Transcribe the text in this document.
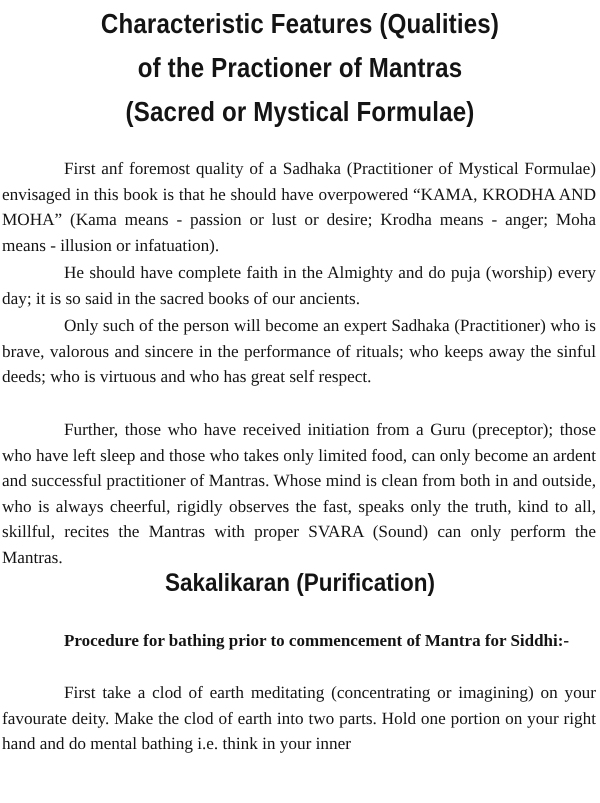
Characteristic Features (Qualities)
of the Practioner of Mantras
(Sacred or Mystical Formulae)

First anf foremost quality of a Sadhaka (Practitioner of Mystical Formulae) envisaged in this book is that he should have overpowered “KAMA, KRODHA AND MOHA” (Kama means - passion or lust or desire; Krodha means - anger; Moha means - illusion or infatuation).

He should have complete faith in the Almighty and do puja (worship) every day; it is so said in the sacred books of our ancients.

Only such of the person will become an expert Sadhaka (Practitioner) who is brave, valorous and sincere in the performance of rituals; who keeps away the sinful deeds; who is virtuous and who has great self respect.

Further, those who have received initiation from a Guru (preceptor); those who have left sleep and those who takes only limited food, can only become an ardent and successful practitioner of Mantras. Whose mind is clean from both in and outside, who is always cheerful, rigidly observes the fast, speaks only the truth, kind to all, skillful, recites the Mantras with proper SVARA (Sound) can only perform the Mantras.

Sakalikaran (Purification)

Procedure for bathing prior to commencement of Mantra for Siddhi:-

First take a clod of earth meditating (concentrating or imagining) on your favourate deity. Make the clod of earth into two parts. Hold one portion on your right hand and do mental bathing i.e. think in your inner
